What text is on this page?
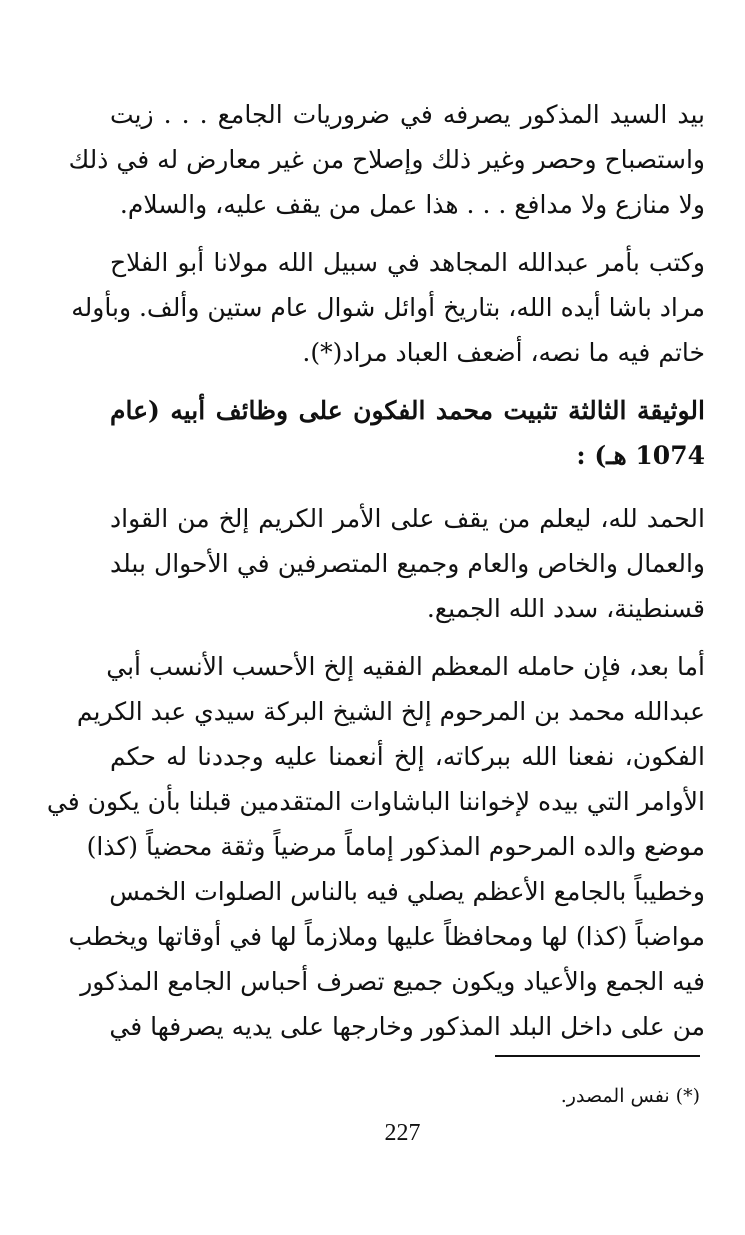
بيد السيد المذكور يصرفه في ضروريات الجامع . . . زيت
واستصباح وحصر وغير ذلك وإصلاح من غير معارض له في ذلك
ولا منازع ولا مدافع . . . هذا عمل من يقف عليه، والسلام.

وكتب بأمر عبدالله المجاهد في سبيل الله مولانا أبو الفلاح
مراد باشا أيده الله، بتاريخ أوائل شوال عام ستين وألف. وبأوله
خاتم فيه ما نصه، أضعف العباد مراد(*).

الوثيقة الثالثة تثبيت محمد الفكون على وظائف أبيه (عام
1074 هـ) :

الحمد لله، ليعلم من يقف على الأمر الكريم إلخ من القواد
والعمال والخاص والعام وجميع المتصرفين في الأحوال ببلد
قسنطينة، سدد الله الجميع.

أما بعد، فإن حامله المعظم الفقيه إلخ الأحسب الأنسب أبي
عبدالله محمد بن المرحوم إلخ الشيخ البركة سيدي عبد الكريم
الفكون، نفعنا الله ببركاته، إلخ أنعمنا عليه وجددنا له حكم
الأوامر التي بيده لإخواننا الباشاوات المتقدمين قبلنا بأن يكون في
موضع والده المرحوم المذكور إماماً مرضياً وثقة محضياً (كذا)
وخطيباً بالجامع الأعظم يصلي فيه بالناس الصلوات الخمس
مواضباً (كذا) لها ومحافظاً عليها وملازماً لها في أوقاتها ويخطب
فيه الجمع والأعياد ويكون جميع تصرف أحباس الجامع المذكور
من على داخل البلد المذكور وخارجها على يديه يصرفها في

(*) نفس المصدر.
227
